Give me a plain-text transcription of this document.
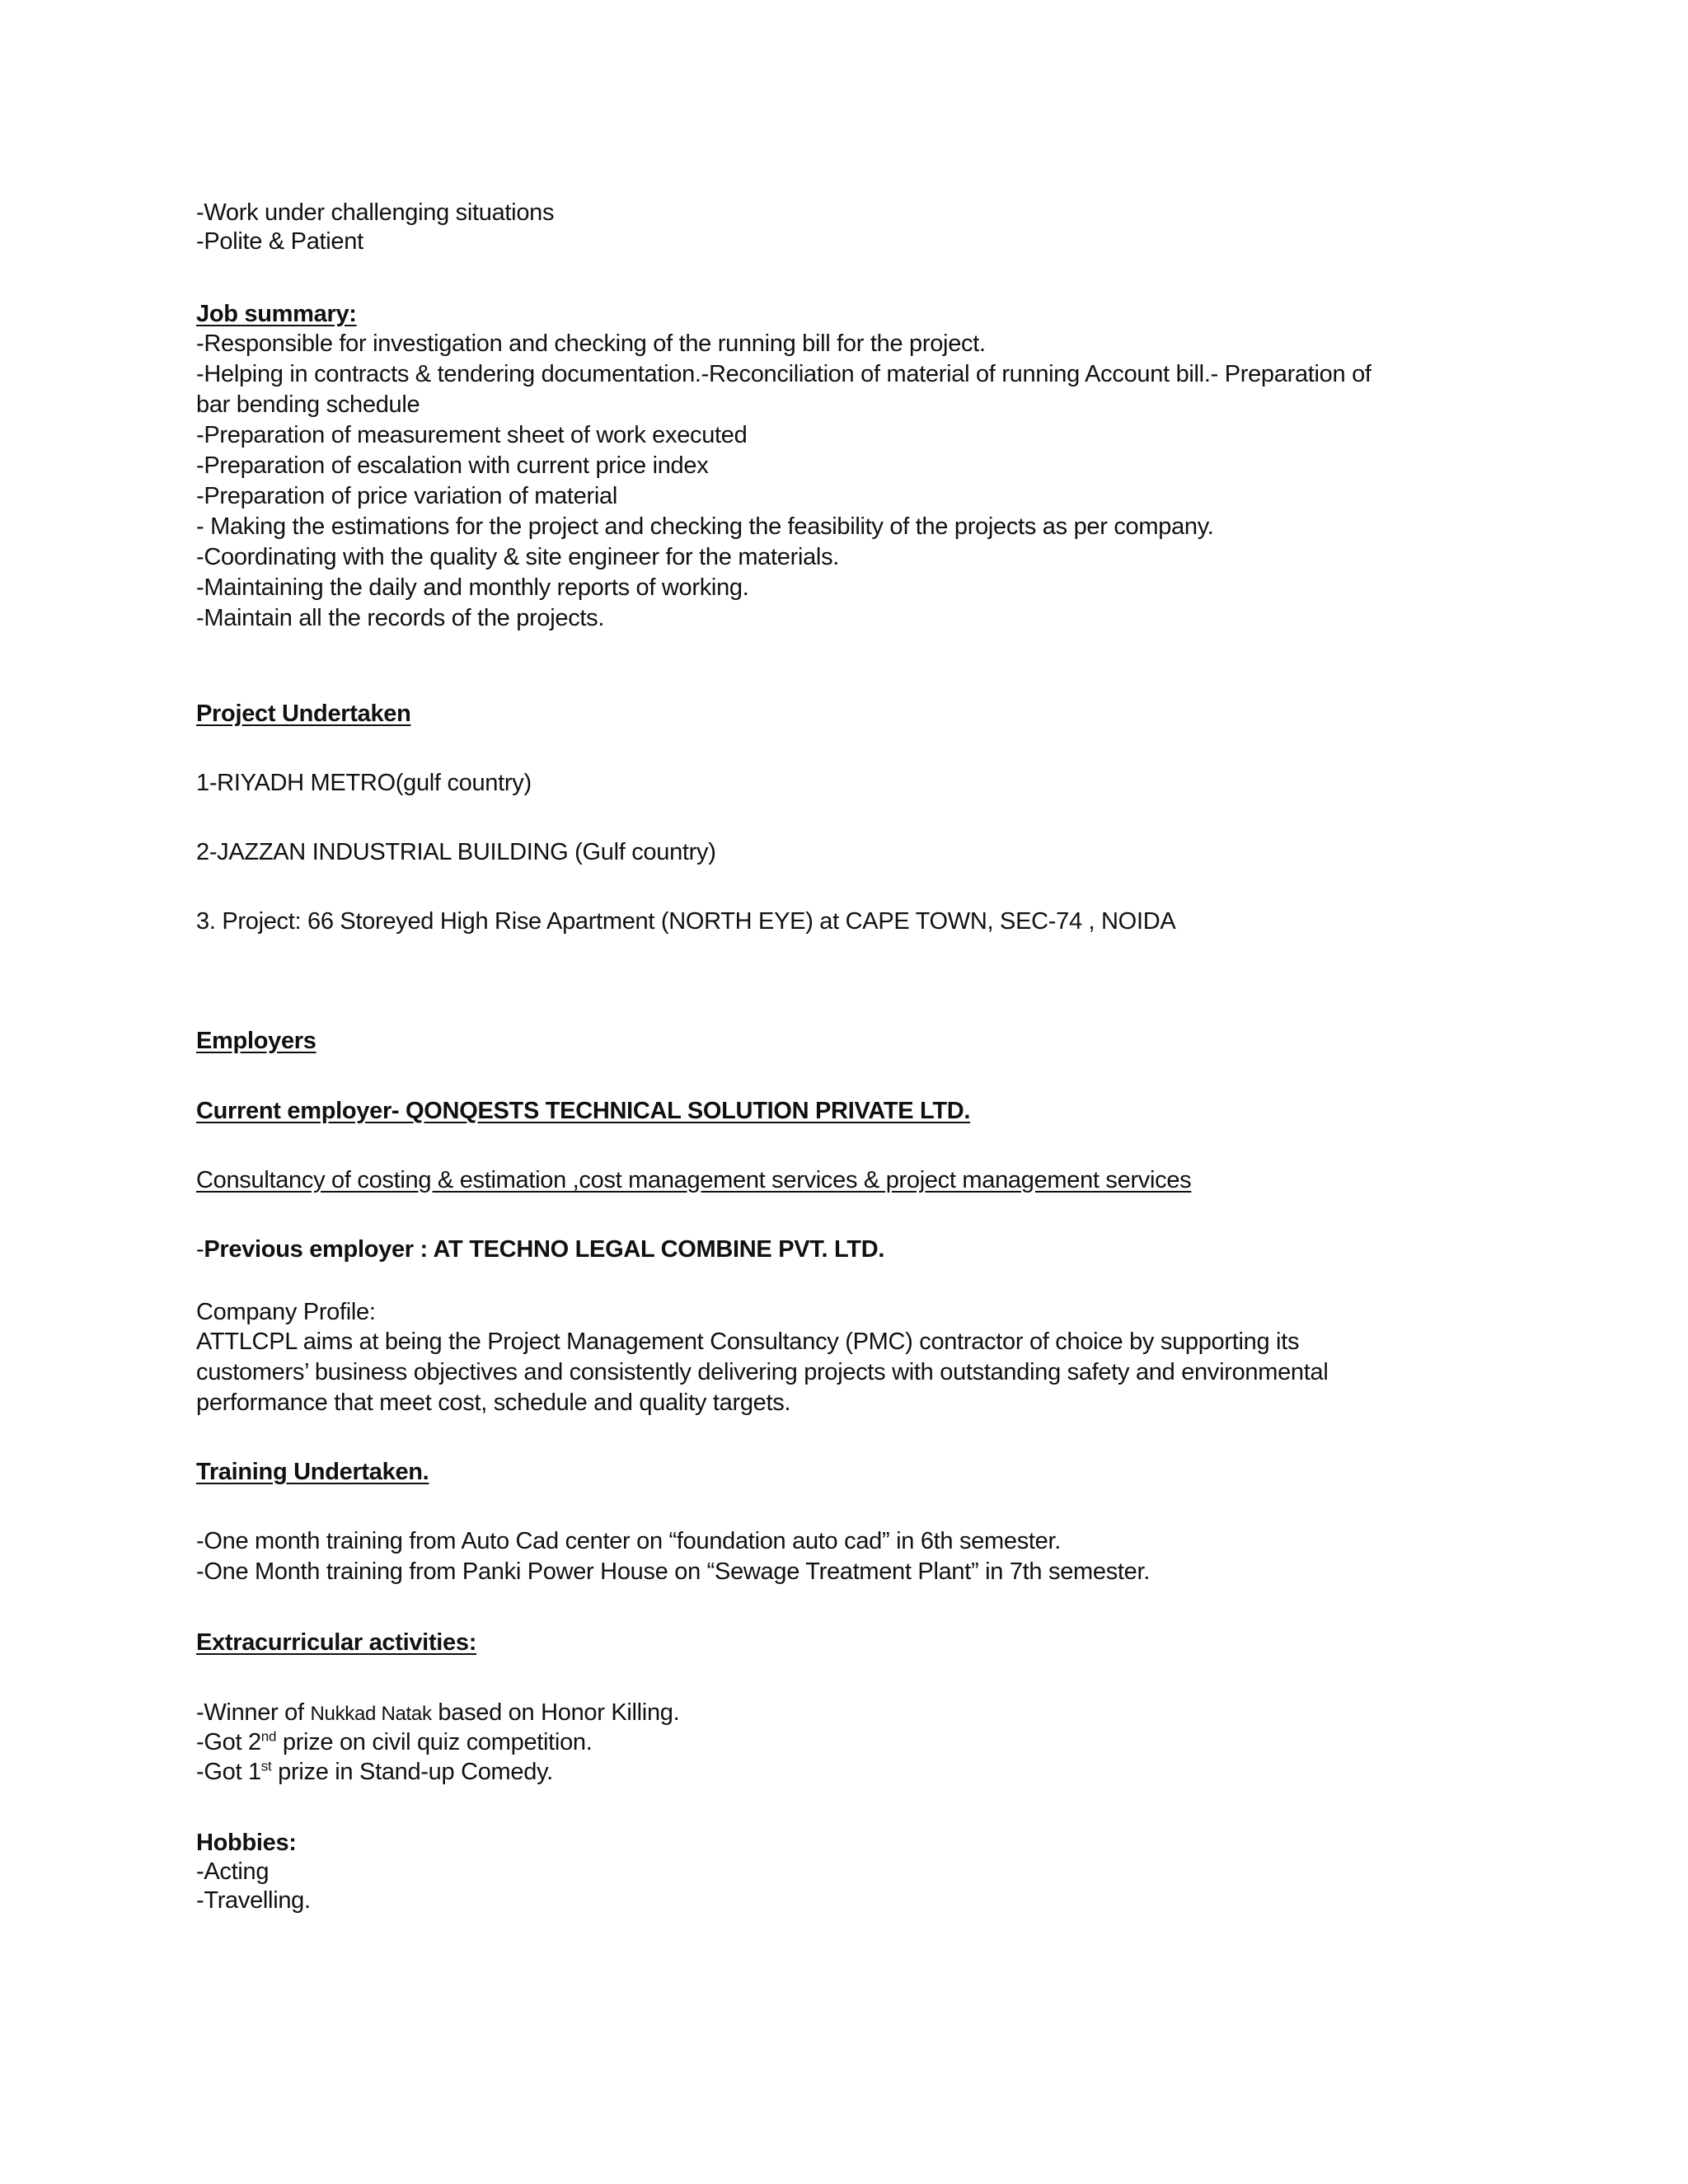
-Work under challenging situations
-Polite & Patient
Job summary:
-Responsible for investigation and checking of the running bill for the project.
-Helping in contracts & tendering documentation.-Reconciliation of material of running Account bill.- Preparation of
bar bending schedule
-Preparation of measurement sheet of work executed
-Preparation of escalation with current price index
-Preparation of price variation of material
- Making the estimations for the project and checking the feasibility of the projects as per company.
-Coordinating with the quality & site engineer for the materials.
-Maintaining the daily and monthly reports of working.
-Maintain all the records of the projects.
Project Undertaken
1-RIYADH METRO(gulf country)
2-JAZZAN INDUSTRIAL BUILDING (Gulf country)
3. Project: 66 Storeyed High Rise Apartment (NORTH EYE) at CAPE TOWN, SEC-74 , NOIDA
Employers
Current employer- QONQESTS TECHNICAL SOLUTION PRIVATE LTD.
Consultancy of costing & estimation ,cost management services & project management services
-Previous employer : AT TECHNO LEGAL COMBINE PVT. LTD.
Company Profile:
ATTLCPL aims at being the Project Management Consultancy (PMC) contractor of choice by supporting its
customers’ business objectives and consistently delivering projects with outstanding safety and environmental
performance that meet cost, schedule and quality targets.
Training Undertaken.
-One month training from Auto Cad center on “foundation auto cad” in 6th semester.
-One Month training from Panki Power House on “Sewage Treatment Plant” in 7th semester.
Extracurricular activities:
-Winner of Nukkad Natak based on Honor Killing.
-Got 2nd prize on civil quiz competition.
-Got 1st prize in Stand-up Comedy.
Hobbies:
-Acting
-Travelling.
